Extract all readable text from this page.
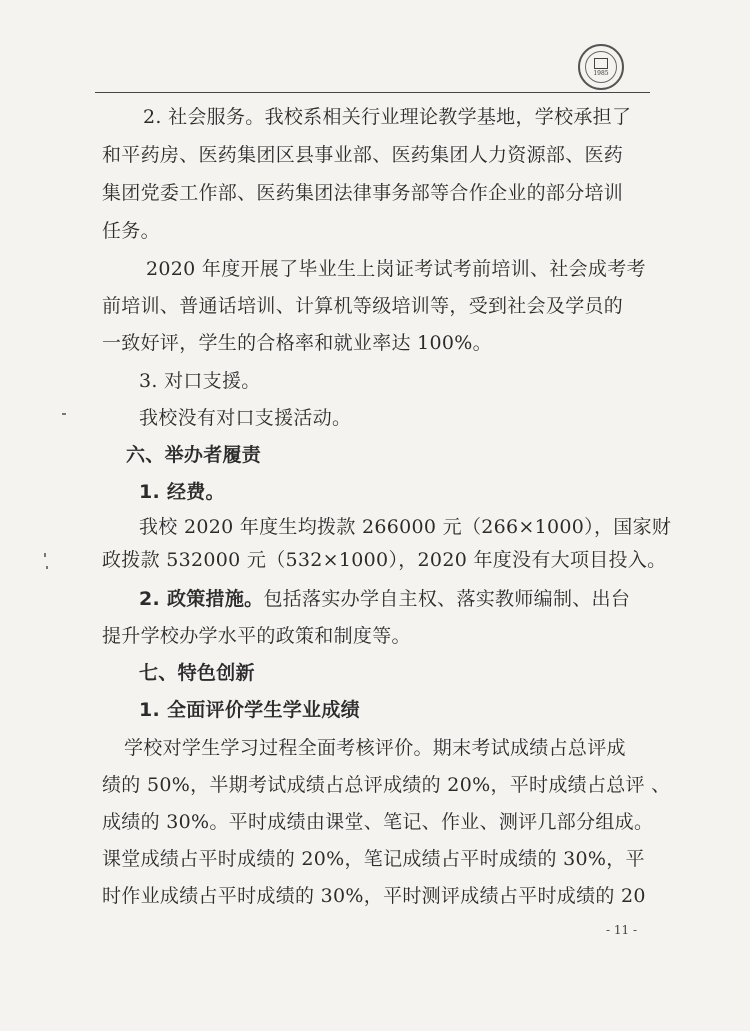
1985
2. 社会服务。我校系相关行业理论教学基地，学校承担了
和平药房、医药集团区县事业部、医药集团人力资源部、医药
集团党委工作部、医药集团法律事务部等合作企业的部分培训
任务。
2020 年度开展了毕业生上岗证考试考前培训、社会成考考
前培训、普通话培训、计算机等级培训等，受到社会及学员的
一致好评，学生的合格率和就业率达 100%。
3. 对口支援。
我校没有对口支援活动。
六、举办者履责
1. 经费。
我校 2020 年度生均拨款 266000 元（266×1000），国家财
政拨款 532000 元（532×1000），2020 年度没有大项目投入。
2. 政策措施。包括落实办学自主权、落实教师编制、出台
提升学校办学水平的政策和制度等。
七、特色创新
1. 全面评价学生学业成绩
学校对学生学习过程全面考核评价。期末考试成绩占总评成
绩的 50%，半期考试成绩占总评成绩的 20%，平时成绩占总评 、
成绩的 30%。平时成绩由课堂、笔记、作业、测评几部分组成。
课堂成绩占平时成绩的 20%，笔记成绩占平时成绩的 30%，平
时作业成绩占平时成绩的 30%，平时测评成绩占平时成绩的 20
- 11 -
